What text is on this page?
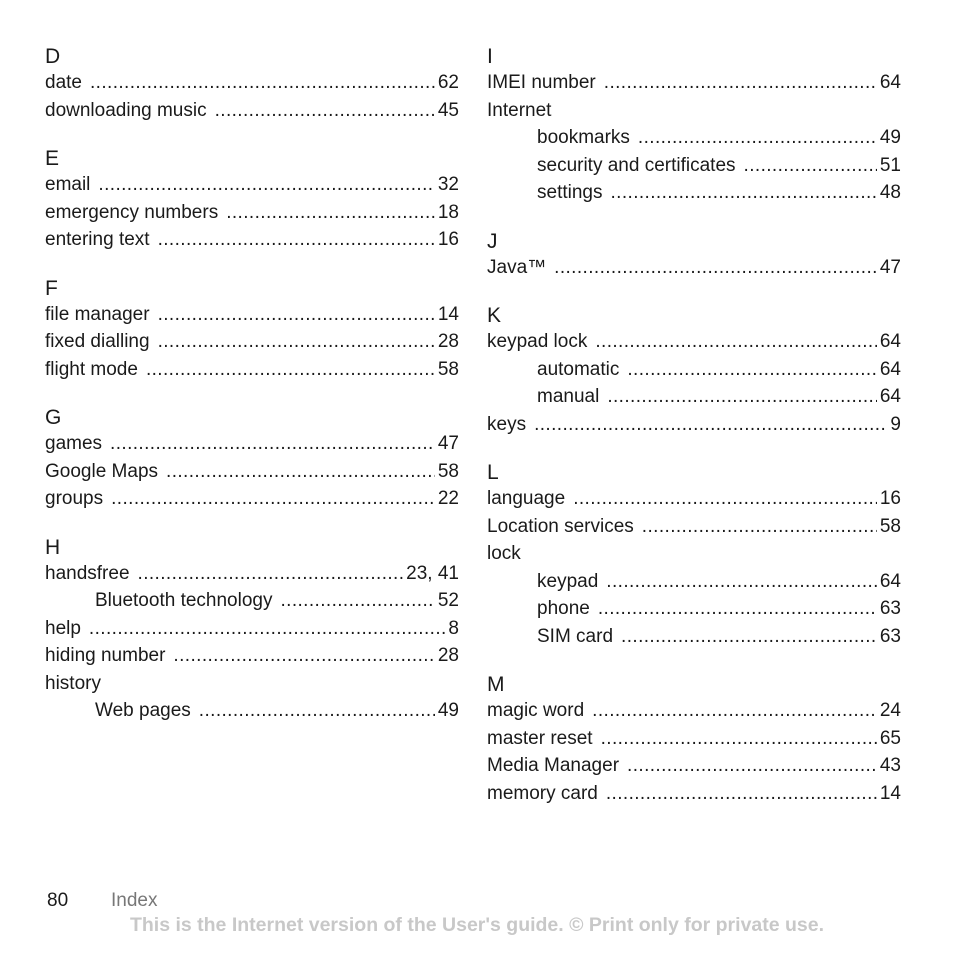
D
date .....	62
downloading music .....	45
E
email .....	32
emergency numbers .....	18
entering text .....	16
F
file manager .....	14
fixed dialling .....	28
flight mode .....	58
G
games .....	47
Google Maps .....	58
groups .....	22
H
handsfree .....	23, 41
Bluetooth technology .....	52
help .....	8
hiding number .....	28
history
Web pages .....	49
I
IMEI number .....	64
Internet
bookmarks .....	49
security and certificates .....	51
settings .....	48
J
Java™ .....	47
K
keypad lock .....	64
automatic .....	64
manual .....	64
keys .....	9
L
language .....	16
Location services .....	58
lock
keypad .....	64
phone .....	63
SIM card .....	63
M
magic word .....	24
master reset .....	65
Media Manager .....	43
memory card .....	14
80 Index
This is the Internet version of the User's guide. © Print only for private use.
